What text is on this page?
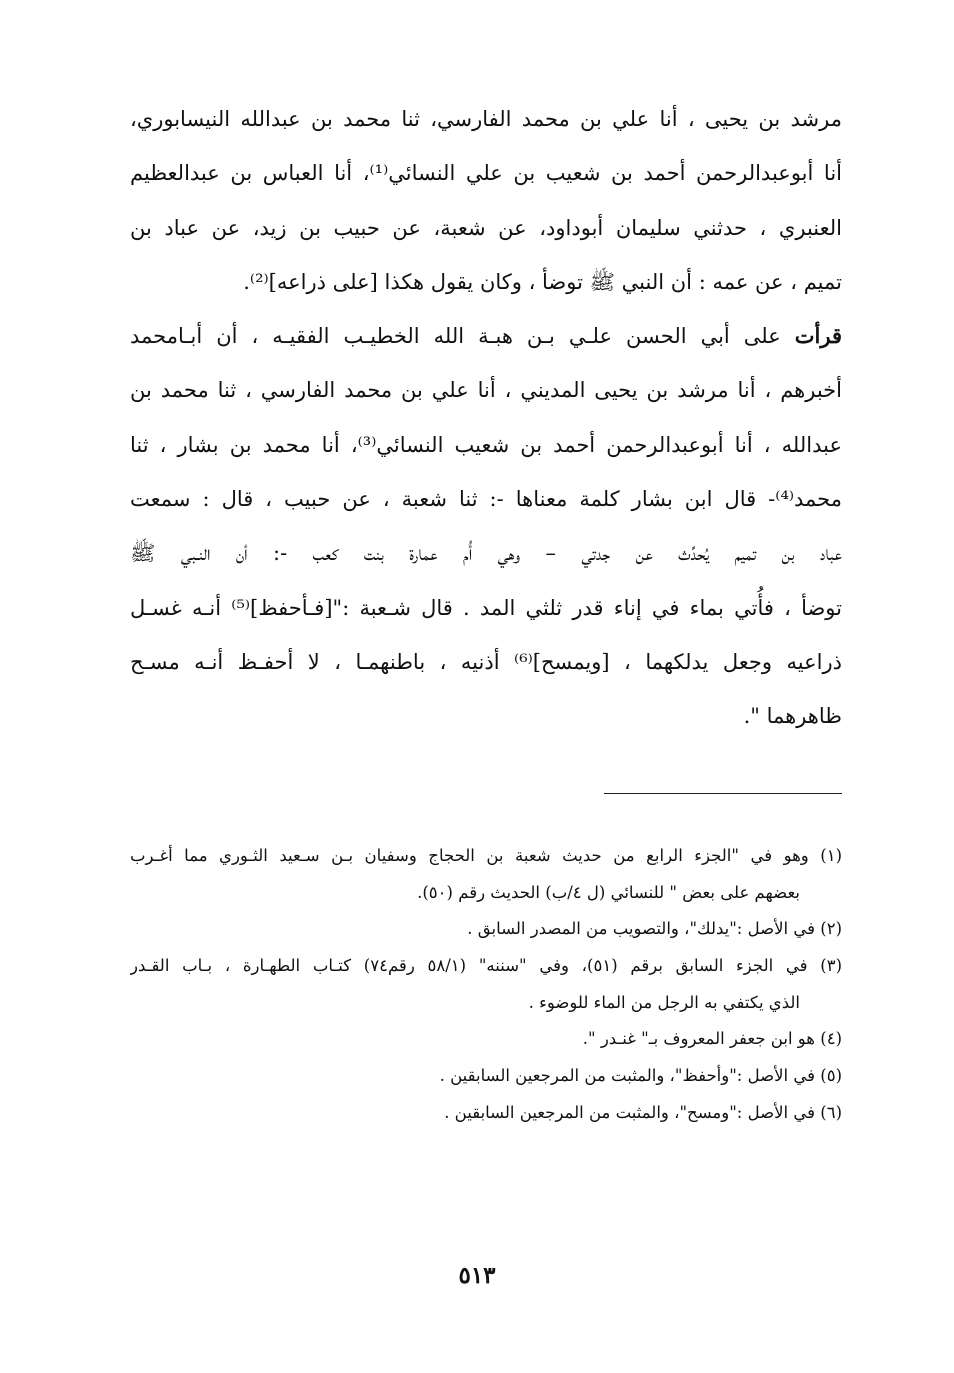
مرشد بن يحيى ، أنا علي بن محمد الفارسي، ثنا محمد بن عبدالله النيسابوري،
أنا أبوعبدالرحمن أحمد بن شعيب بن علي النسائي⁽¹⁾، أنا العباس بن عبدالعظيم
العنبري ، حدثني سليمان أبوداود، عن شعبة، عن حبيب بن زيد، عن عباد بن
تميم ، عن عمه : أن النبي ﷺ توضأ ، وكان يقول هكذا [على ذراعه]⁽²⁾.
قرأت على أبي الحسن علـي بـن هبـة الله الخطيـب الفقيـه ، أن أبـامحمد
أخبرهم ، أنا مرشد بن يحيى المديني ، أنا علي بن محمد الفارسي ، ثنا محمد بن
عبدالله ، أنا أبوعبدالرحمن أحمد بن شعيب النسائي⁽³⁾، أنا محمد بن بشار ، ثنا
محمد⁽⁴⁾- قال ابن بشار كلمة معناها -: ثنا شعبة ، عن حبيب ، قال : سمعت
عباد بن تميم يُحدِّث عن جدتي – وهي أُم عمارة بنت كعب -: أن النـبي ﷺ
توضأ ، فأُتي بماء في إناء قدر ثلثي المد . قال شـعبة :"[فـأحفظ]⁽⁵⁾ أنـه غسـل
ذراعيه وجعل يدلكهما ، [ويمسح]⁽⁶⁾ أذنيه ، باطنهمـا ، لا أحفـظ أنـه مسـح
ظاهرهما ".
(١) وهو في "الجزء الرابع من حديث شعبة بن الحجاج وسفيان بـن سـعيد الثـوري مما أغـرب
بعضهم على بعض " للنسائي (ل ٤/ب) الحديث رقم (٥٠).
(٢) في الأصل :"يدلك"، والتصويب من المصدر السابق .
(٣) في الجزء السابق برقم (٥١)، وفي "سننه" (٥٨/١ رقم٧٤) كتـاب الطهـارة ، بـاب القـدر
الذي يكتفي به الرجل من الماء للوضوء .
(٤) هو ابن جعفر المعروف بـ" غنـدر ".
(٥) في الأصل :"وأحفظ"، والمثبت من المرجعين السابقين .
(٦) في الأصل :"ومسح"، والمثبت من المرجعين السابقين .
٥١٣
